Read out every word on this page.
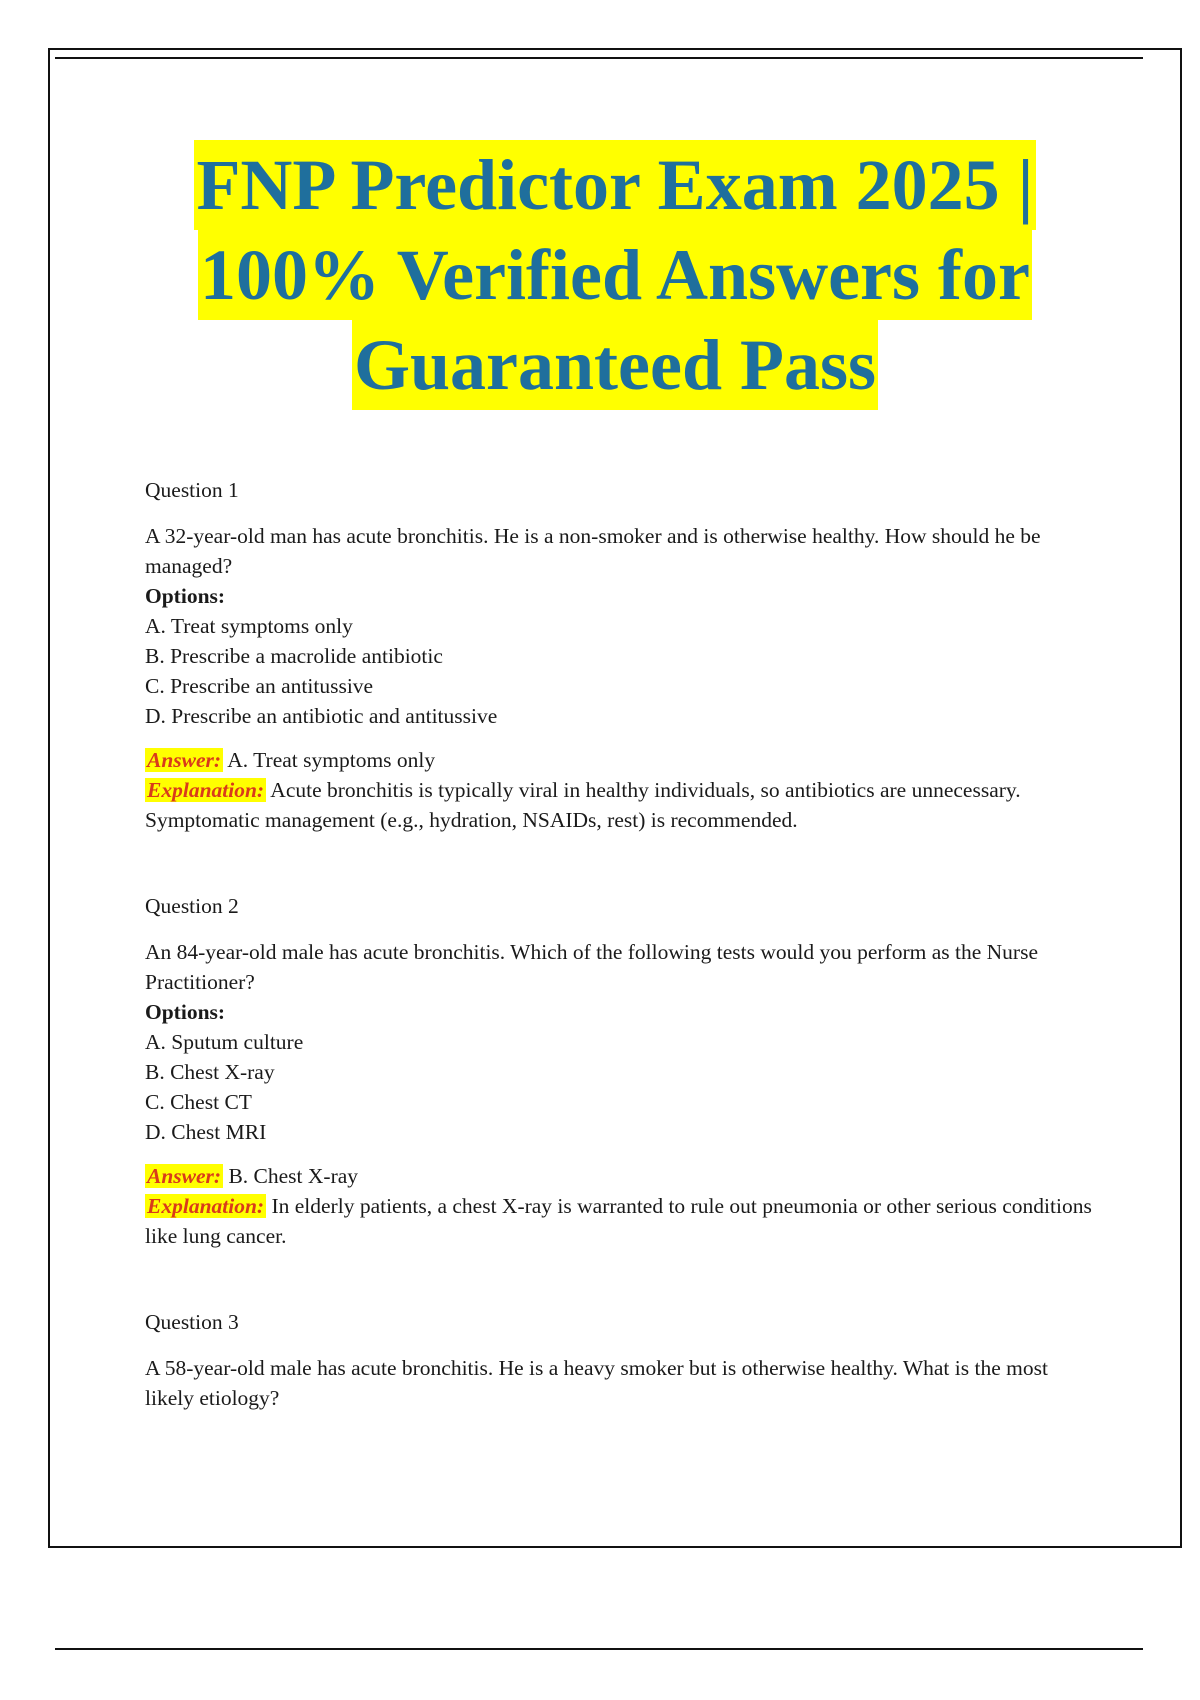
FNP Predictor Exam 2025 |
100% Verified Answers for
Guaranteed Pass

Question 1

A 32-year-old man has acute bronchitis. He is a non-smoker and is otherwise healthy. How should he be managed?

Options:

A. Treat symptoms only
B. Prescribe a macrolide antibiotic
C. Prescribe an antitussive
D. Prescribe an antibiotic and antitussive

Answer: A. Treat symptoms only

Explanation: Acute bronchitis is typically viral in healthy individuals, so antibiotics are unnecessary. Symptomatic management (e.g., hydration, NSAIDs, rest) is recommended.

Question 2

An 84-year-old male has acute bronchitis. Which of the following tests would you perform as the Nurse Practitioner?

Options:

A. Sputum culture
B. Chest X-ray
C. Chest CT
D. Chest MRI

Answer: B. Chest X-ray

Explanation: In elderly patients, a chest X-ray is warranted to rule out pneumonia or other serious conditions like lung cancer.

Question 3

A 58-year-old male has acute bronchitis. He is a heavy smoker but is otherwise healthy. What is the most likely etiology?
